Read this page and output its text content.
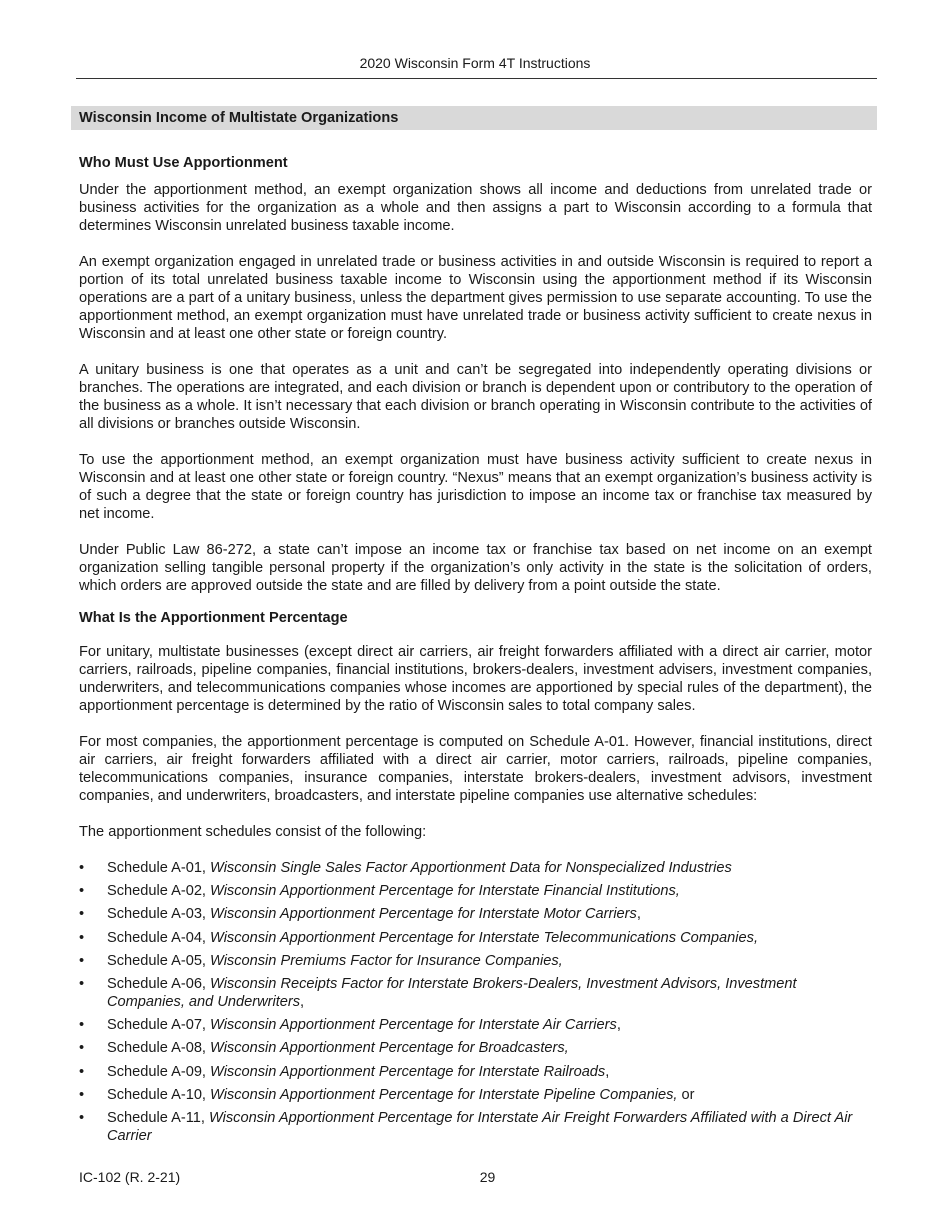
2020 Wisconsin Form 4T Instructions
Wisconsin Income of Multistate Organizations
Who Must Use Apportionment

Under the apportionment method, an exempt organization shows all income and deductions from unrelated trade or business activities for the organization as a whole and then assigns a part to Wisconsin according to a formula that determines Wisconsin unrelated business taxable income.

An exempt organization engaged in unrelated trade or business activities in and outside Wisconsin is required to report a portion of its total unrelated business taxable income to Wisconsin using the apportionment method if its Wisconsin operations are a part of a unitary business, unless the department gives permission to use separate accounting. To use the apportionment method, an exempt organization must have unrelated trade or business activity sufficient to create nexus in Wisconsin and at least one other state or foreign country.

A unitary business is one that operates as a unit and can’t be segregated into independently operating divisions or branches. The operations are integrated, and each division or branch is dependent upon or contributory to the operation of the business as a whole. It isn’t necessary that each division or branch operating in Wisconsin contribute to the activities of all divisions or branches outside Wisconsin.

To use the apportionment method, an exempt organization must have business activity sufficient to create nexus in Wisconsin and at least one other state or foreign country. “Nexus” means that an exempt organization’s business activity is of such a degree that the state or foreign country has jurisdiction to impose an income tax or franchise tax measured by net income.

Under Public Law 86-272, a state can’t impose an income tax or franchise tax based on net income on an exempt organization selling tangible personal property if the organization’s only activity in the state is the solicitation of orders, which orders are approved outside the state and are filled by delivery from a point outside the state.

What Is the Apportionment Percentage

For unitary, multistate businesses (except direct air carriers, air freight forwarders affiliated with a direct air carrier, motor carriers, railroads, pipeline companies, financial institutions, brokers-dealers, investment advisers, investment companies, underwriters, and telecommunications companies whose incomes are apportioned by special rules of the department), the apportionment percentage is determined by the ratio of Wisconsin sales to total company sales.

For most companies, the apportionment percentage is computed on Schedule A-01. However, financial institutions, direct air carriers, air freight forwarders affiliated with a direct air carrier, motor carriers, railroads, pipeline companies, telecommunications companies, insurance companies, interstate brokers-dealers, investment advisors, investment companies, and underwriters, broadcasters, and interstate pipeline companies use alternative schedules:

The apportionment schedules consist of the following:

• Schedule A-01, Wisconsin Single Sales Factor Apportionment Data for Nonspecialized Industries
• Schedule A-02, Wisconsin Apportionment Percentage for Interstate Financial Institutions,
• Schedule A-03, Wisconsin Apportionment Percentage for Interstate Motor Carriers,
• Schedule A-04, Wisconsin Apportionment Percentage for Interstate Telecommunications Companies,
• Schedule A-05, Wisconsin Premiums Factor for Insurance Companies,
• Schedule A-06, Wisconsin Receipts Factor for Interstate Brokers-Dealers, Investment Advisors, Investment Companies, and Underwriters,
• Schedule A-07, Wisconsin Apportionment Percentage for Interstate Air Carriers,
• Schedule A-08, Wisconsin Apportionment Percentage for Broadcasters,
• Schedule A-09, Wisconsin Apportionment Percentage for Interstate Railroads,
• Schedule A-10, Wisconsin Apportionment Percentage for Interstate Pipeline Companies, or
• Schedule A-11, Wisconsin Apportionment Percentage for Interstate Air Freight Forwarders Affiliated with a Direct Air Carrier
IC-102 (R. 2-21)	29
